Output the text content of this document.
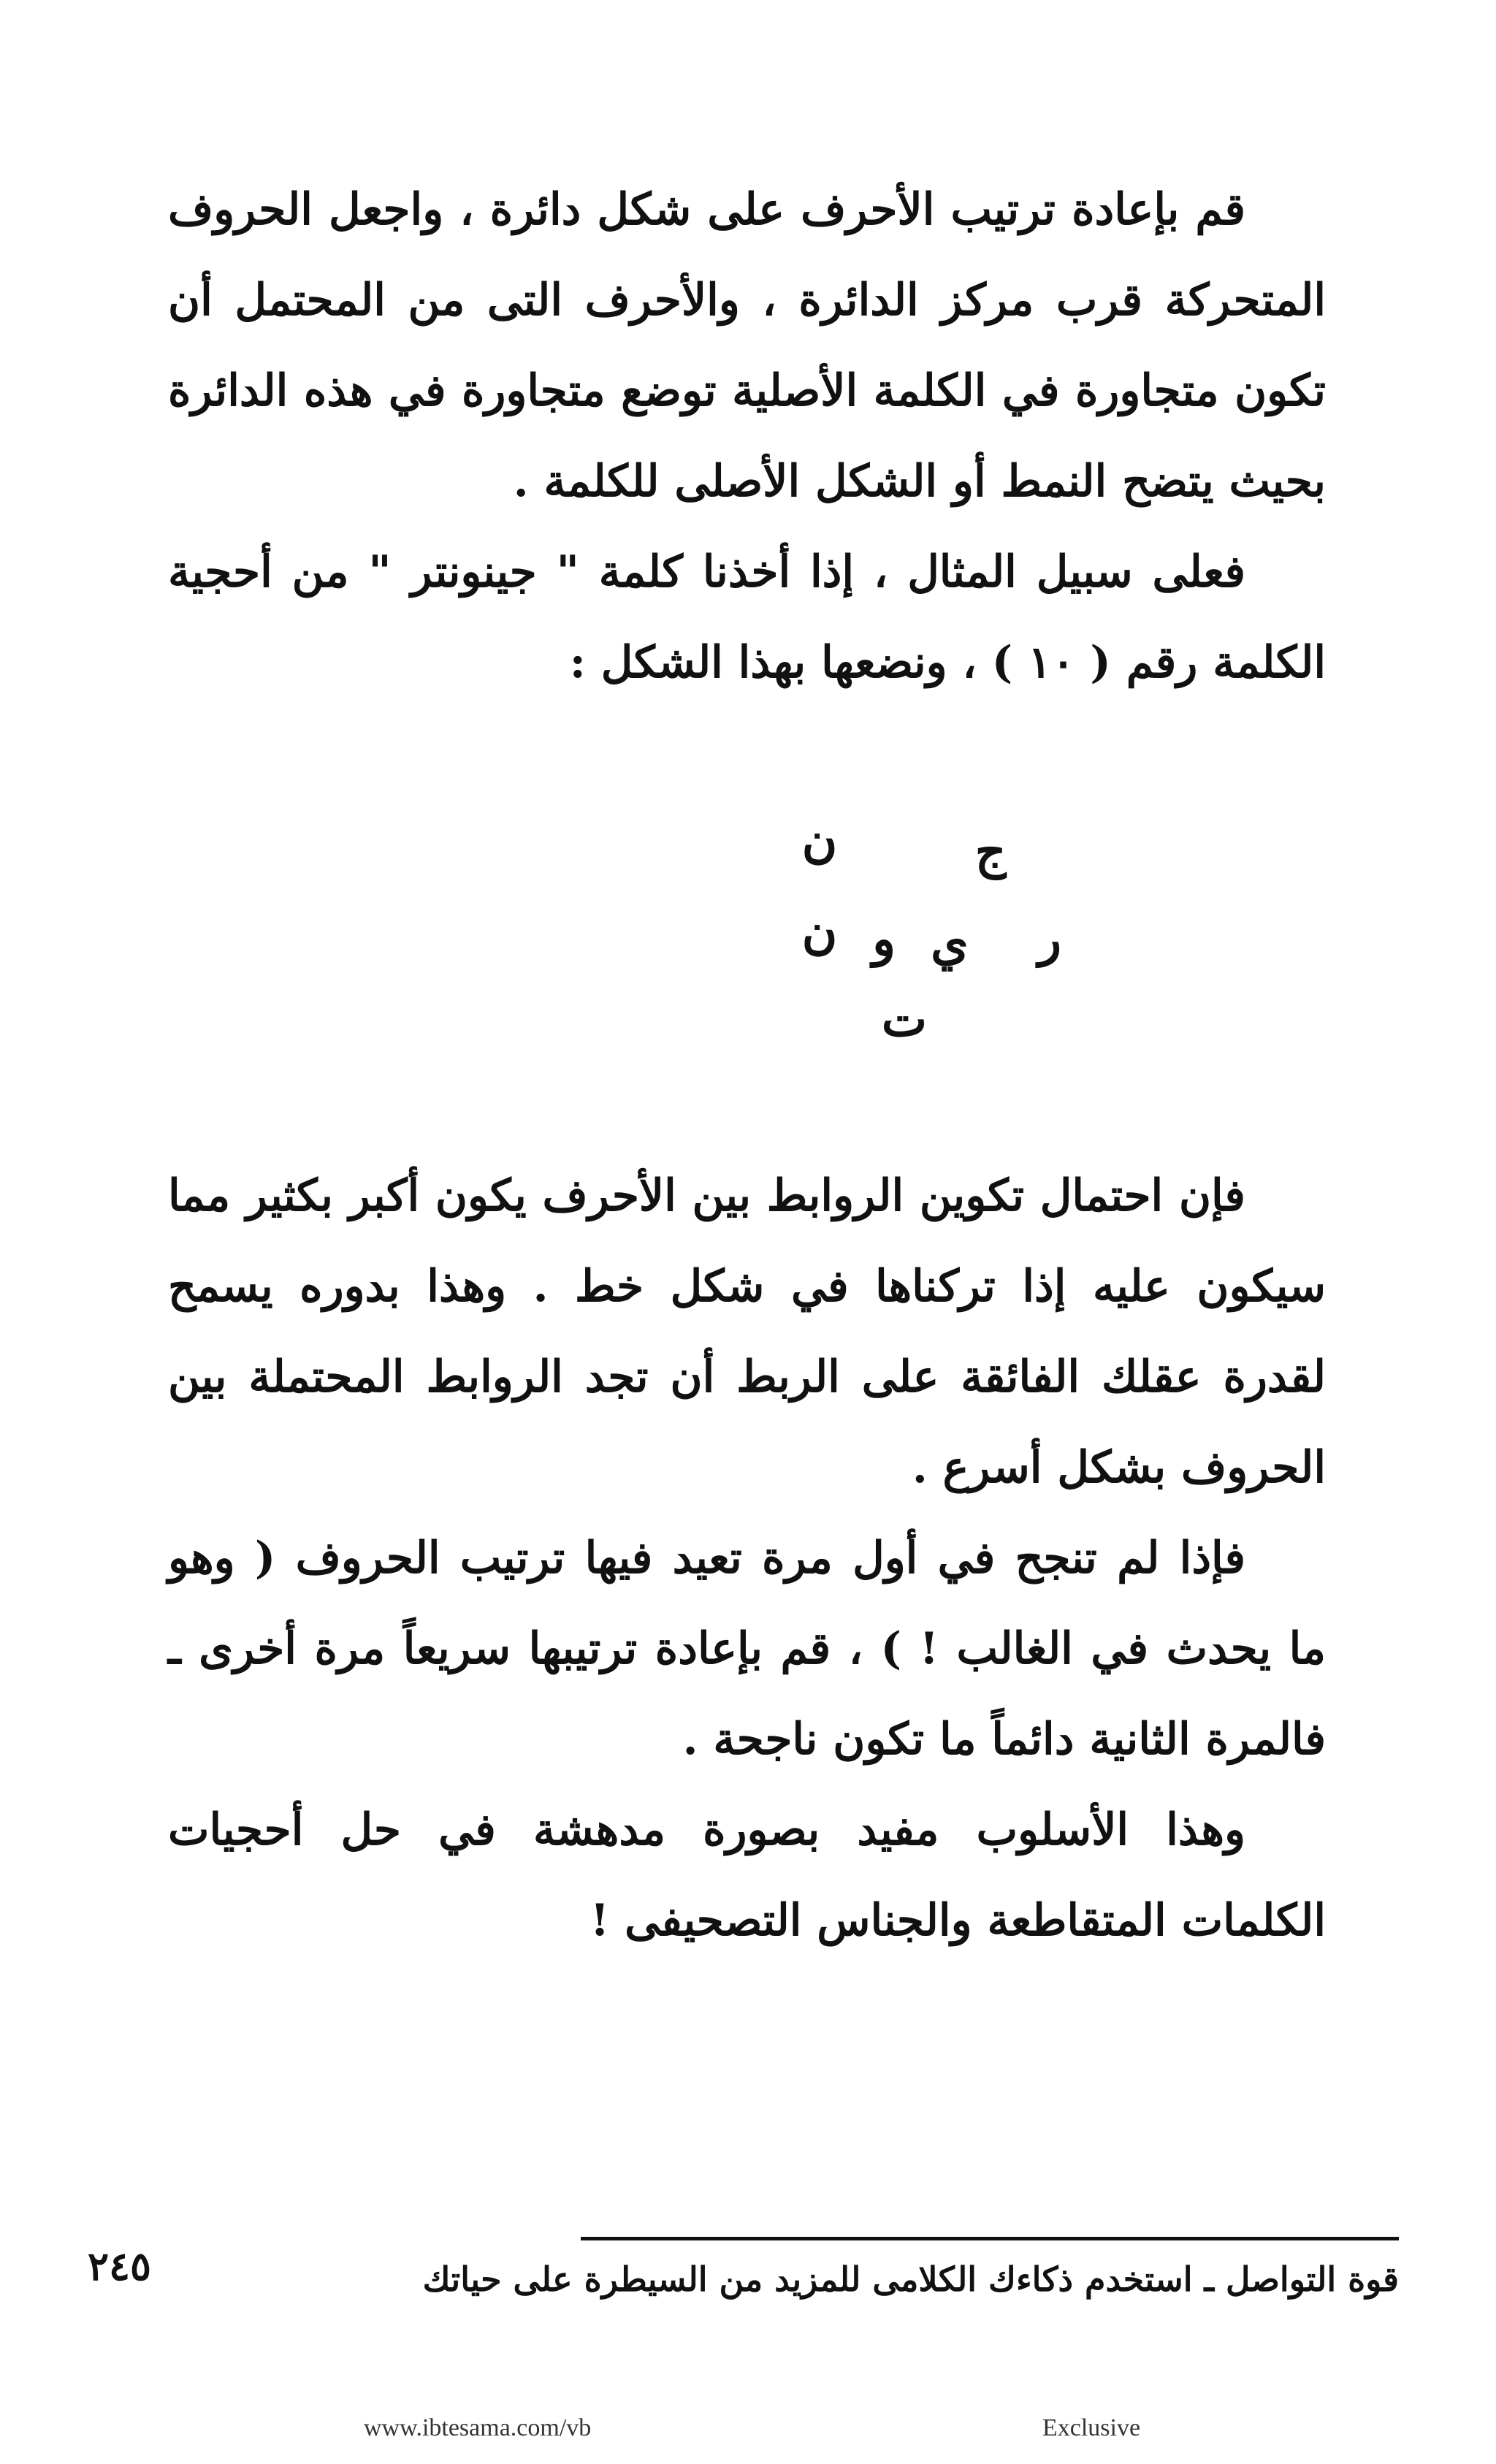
قم بإعادة ترتيب الأحرف على شكل دائرة ، واجعل الحروف المتحركة قرب مركز الدائرة ، والأحرف التى من المحتمل أن تكون متجاورة في الكلمة الأصلية توضع متجاورة في هذه الدائرة بحيث يتضح النمط أو الشكل الأصلى للكلمة .

فعلى سبيل المثال ، إذا أخذنا كلمة " جينونتر " من أحجية الكلمة رقم ( ١٠ ) ، ونضعها بهذا الشكل :

ج
ن
ر
ي
و
ن
ت

فإن احتمال تكوين الروابط بين الأحرف يكون أكبر بكثير مما سيكون عليه إذا تركناها في شكل خط . وهذا بدوره يسمح لقدرة عقلك الفائقة على الربط أن تجد الروابط المحتملة بين الحروف بشكل أسرع .

فإذا لم تنجح في أول مرة تعيد فيها ترتيب الحروف ( وهو ما يحدث في الغالب ! ) ، قم بإعادة ترتيبها سريعاً مرة أخرى ـ فالمرة الثانية دائماً ما تكون ناجحة .

وهذا الأسلوب مفيد بصورة مدهشة في حل أحجيات الكلمات المتقاطعة والجناس التصحيفى !

قوة التواصل ـ استخدم ذكاءك الكلامى للمزيد من السيطرة على حياتك
٢٤٥
www.ibtesama.com/vb	Exclusive
